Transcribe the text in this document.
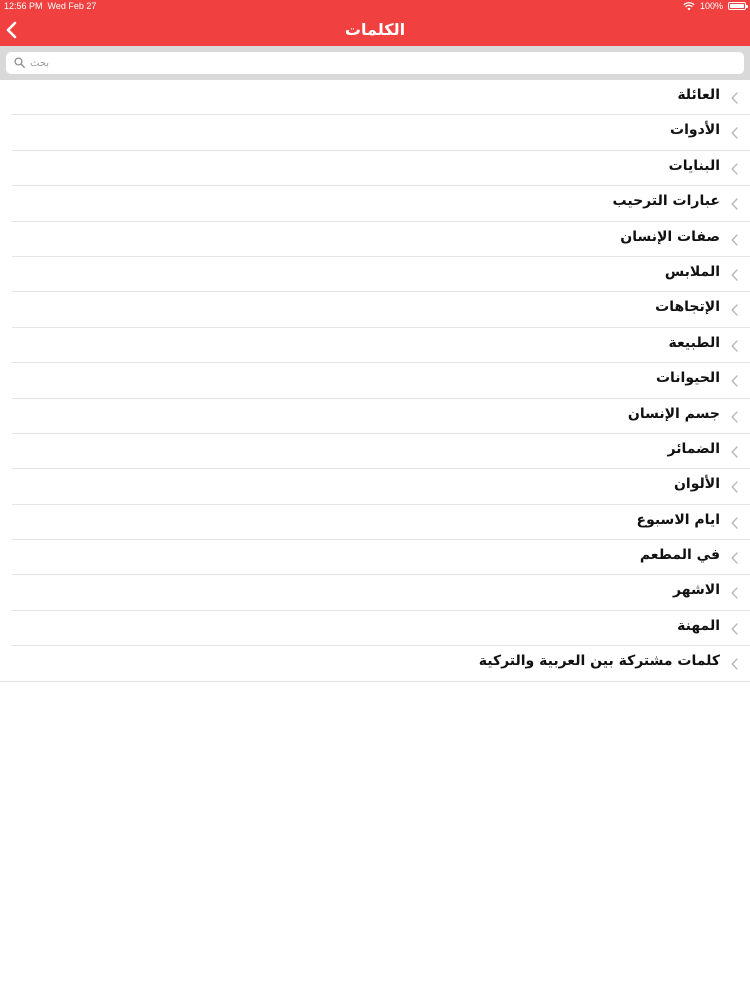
12:56 PM Wed Feb 27	100%
الكلمات
بحث
العائلة
الأدوات
البنايات
عبارات الترحيب
صفات الإنسان
الملابس
الإتجاهات
الطبيعة
الحيوانات
جسم الإنسان
الضمائر
الألوان
ايام الاسبوع
في المطعم
الاشهر
المهنة
كلمات مشتركة بين العربية والتركية
